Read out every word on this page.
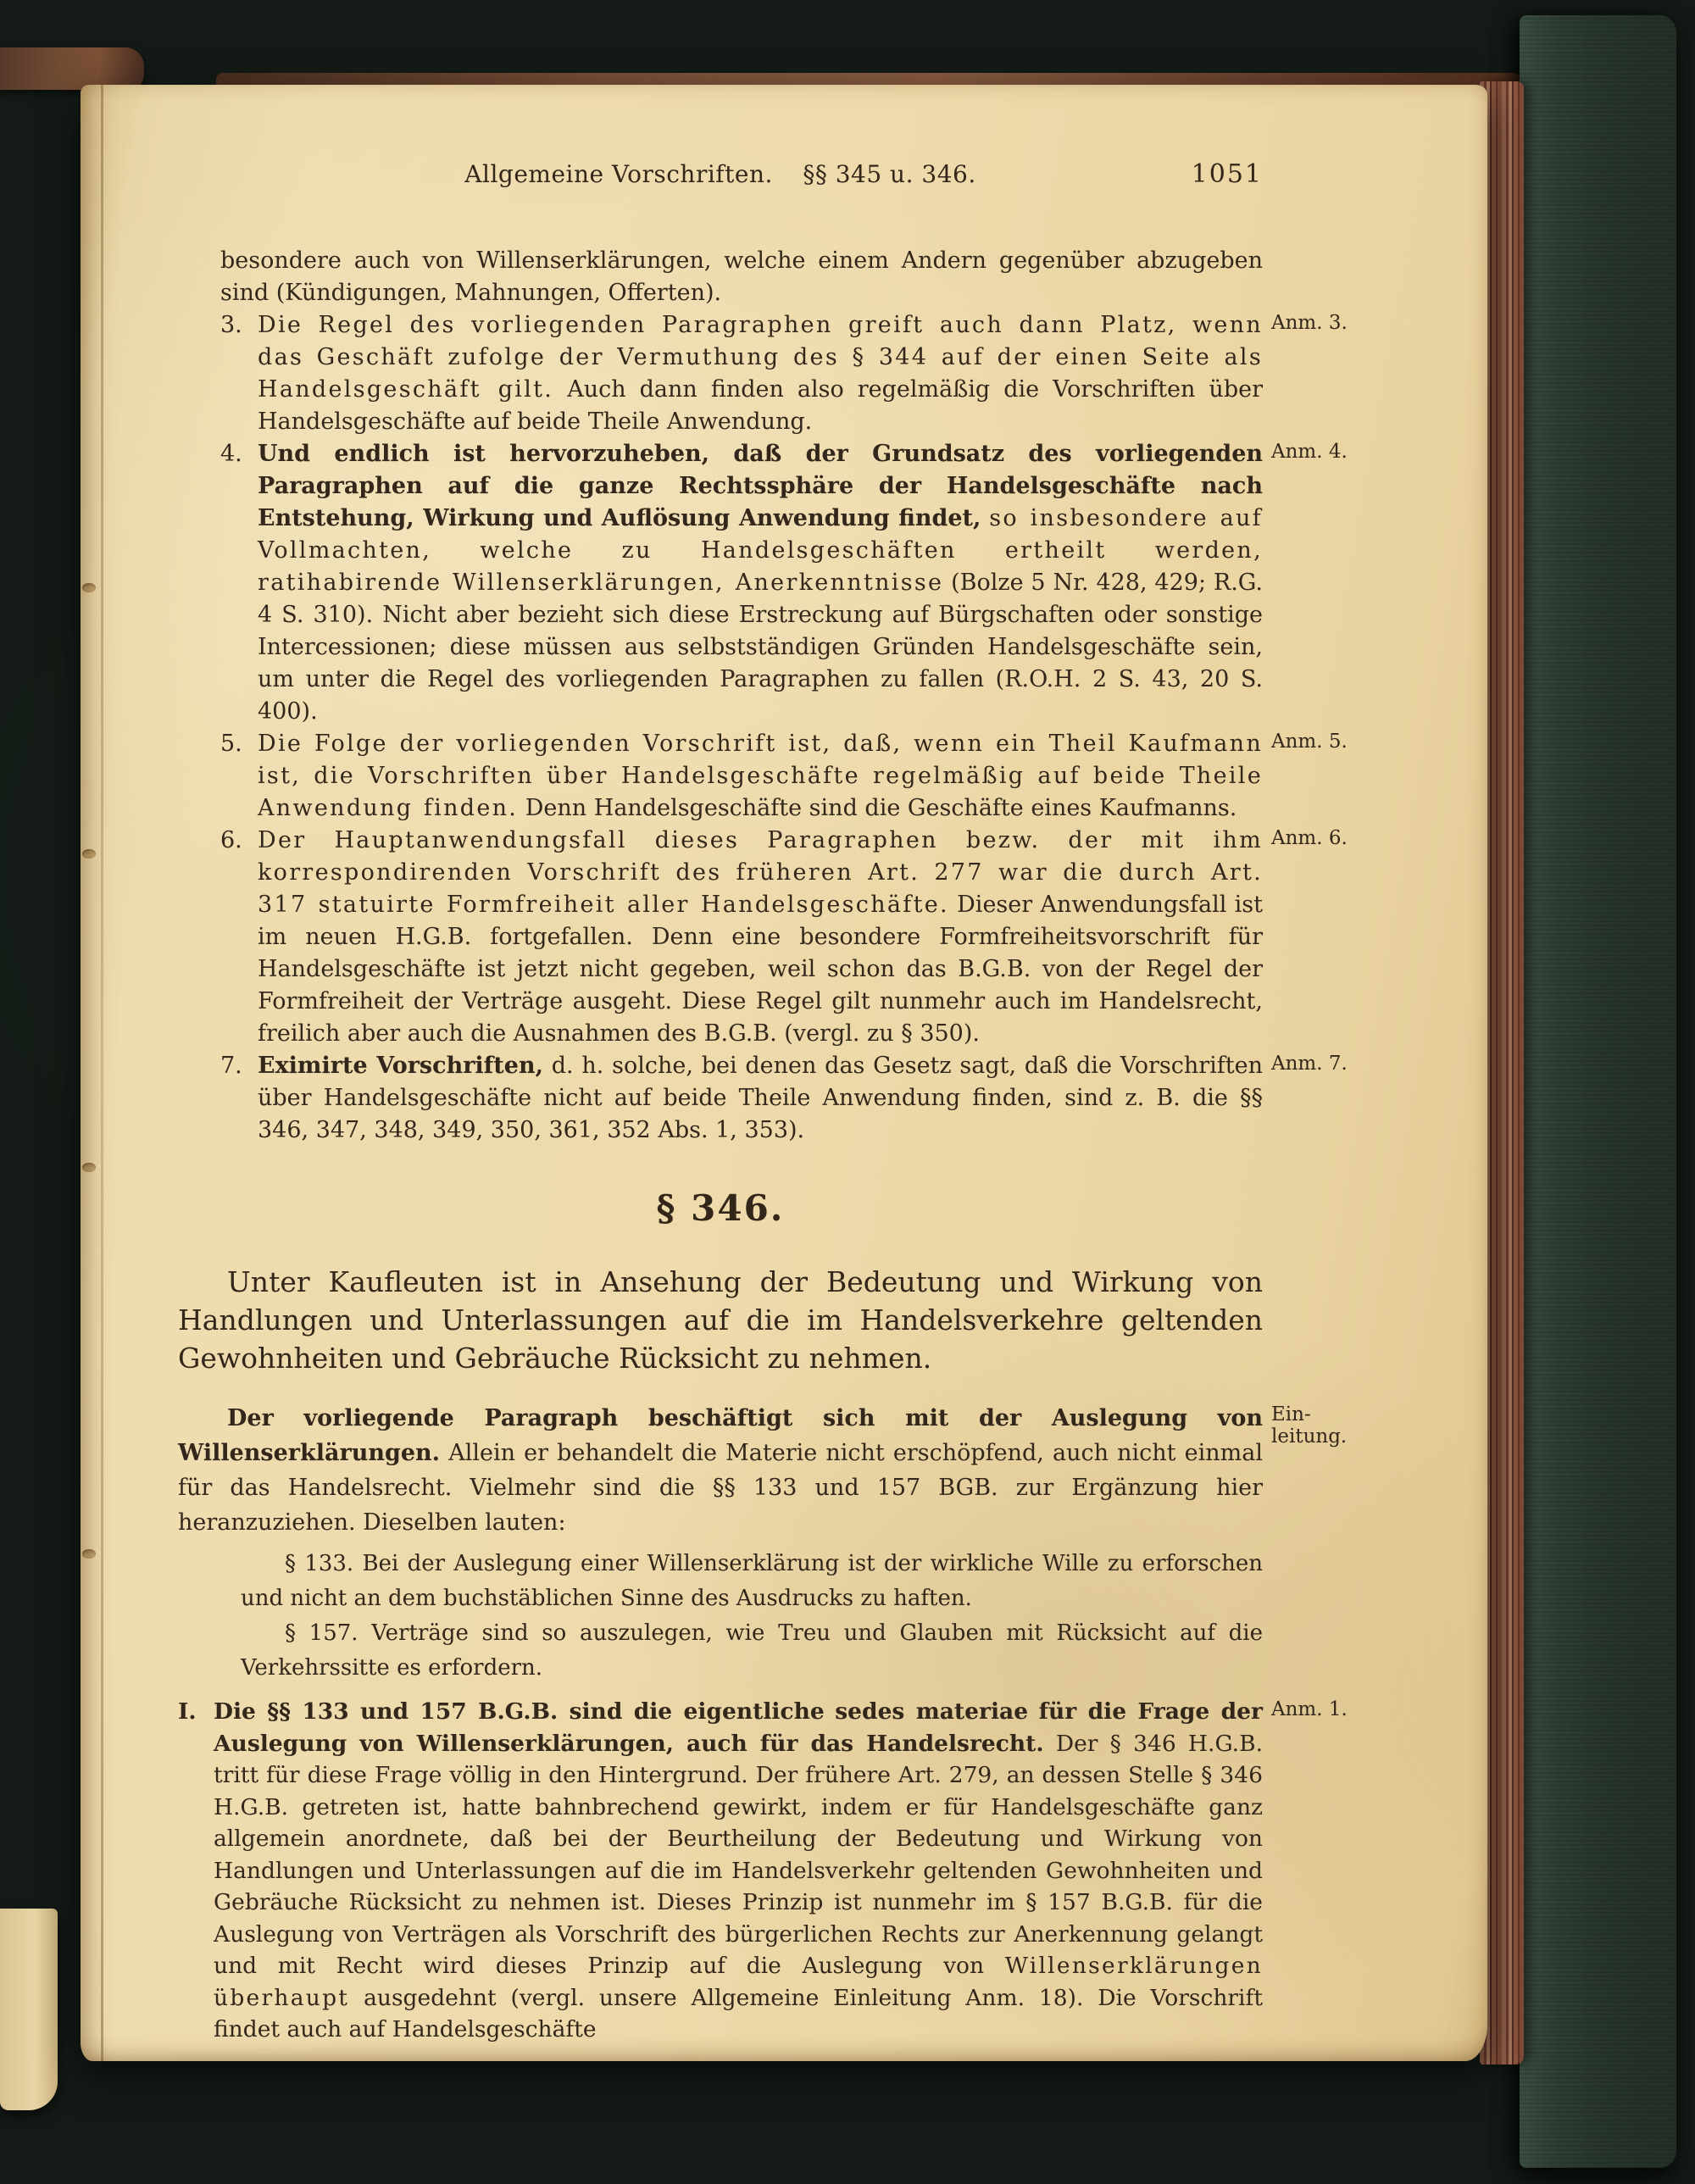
Allgemeine Vorschriften. §§ 345 u. 346.	1051

besondere auch von Willenserklärungen, welche einem Andern gegenüber abzugeben sind (Kündigungen, Mahnungen, Offerten).

3. Die Regel des vorliegenden Paragraphen greift auch dann Platz, wenn das Geschäft zufolge der Vermuthung des § 344 auf der einen Seite als Handelsgeschäft gilt. Auch dann finden also regelmäßig die Vorschriften über Handelsgeschäfte auf beide Theile Anwendung.
Anm. 3.

4. Und endlich ist hervorzuheben, daß der Grundsatz des vorliegenden Paragraphen auf die ganze Rechtssphäre der Handelsgeschäfte nach Entstehung, Wirkung und Auflösung Anwendung findet, so insbesondere auf Vollmachten, welche zu Handelsgeschäften ertheilt werden, ratihabirende Willenserklärungen, Anerkenntnisse (Bolze 5 Nr. 428, 429; R.G. 4 S. 310). Nicht aber bezieht sich diese Erstreckung auf Bürgschaften oder sonstige Intercessionen; diese müssen aus selbstständigen Gründen Handelsgeschäfte sein, um unter die Regel des vorliegenden Paragraphen zu fallen (R.O.H. 2 S. 43, 20 S. 400).
Anm. 4.

5. Die Folge der vorliegenden Vorschrift ist, daß, wenn ein Theil Kaufmann ist, die Vorschriften über Handelsgeschäfte regelmäßig auf beide Theile Anwendung finden. Denn Handelsgeschäfte sind die Geschäfte eines Kaufmanns.
Anm. 5.

6. Der Hauptanwendungsfall dieses Paragraphen bezw. der mit ihm korrespondirenden Vorschrift des früheren Art. 277 war die durch Art. 317 statuirte Formfreiheit aller Handelsgeschäfte. Dieser Anwendungsfall ist im neuen H.G.B. fortgefallen. Denn eine besondere Formfreiheitsvorschrift für Handelsgeschäfte ist jetzt nicht gegeben, weil schon das B.G.B. von der Regel der Formfreiheit der Verträge ausgeht. Diese Regel gilt nunmehr auch im Handelsrecht, freilich aber auch die Ausnahmen des B.G.B. (vergl. zu § 350).
Anm. 6.

7. Eximirte Vorschriften, d. h. solche, bei denen das Gesetz sagt, daß die Vorschriften über Handelsgeschäfte nicht auf beide Theile Anwendung finden, sind z. B. die §§ 346, 347, 348, 349, 350, 361, 352 Abs. 1, 353).
Anm. 7.

§ 346.

Unter Kaufleuten ist in Ansehung der Bedeutung und Wirkung von Handlungen und Unterlassungen auf die im Handelsverkehre geltenden Gewohnheiten und Gebräuche Rücksicht zu nehmen.

Der vorliegende Paragraph beschäftigt sich mit der Auslegung von Willenserklärungen. Allein er behandelt die Materie nicht erschöpfend, auch nicht einmal für das Handelsrecht. Vielmehr sind die §§ 133 und 157 BGB. zur Ergänzung hier heranzuziehen. Dieselben lauten:
Ein-
leitung.

§ 133. Bei der Auslegung einer Willenserklärung ist der wirkliche Wille zu erforschen und nicht an dem buchstäblichen Sinne des Ausdrucks zu haften.

§ 157. Verträge sind so auszulegen, wie Treu und Glauben mit Rücksicht auf die Verkehrssitte es erfordern.

I. Die §§ 133 und 157 B.G.B. sind die eigentliche sedes materiae für die Frage der Auslegung von Willenserklärungen, auch für das Handelsrecht. Der § 346 H.G.B. tritt für diese Frage völlig in den Hintergrund. Der frühere Art. 279, an dessen Stelle § 346 H.G.B. getreten ist, hatte bahnbrechend gewirkt, indem er für Handelsgeschäfte ganz allgemein anordnete, daß bei der Beurtheilung der Bedeutung und Wirkung von Handlungen und Unterlassungen auf die im Handelsverkehr geltenden Gewohnheiten und Gebräuche Rücksicht zu nehmen ist. Dieses Prinzip ist nunmehr im § 157 B.G.B. für die Auslegung von Verträgen als Vorschrift des bürgerlichen Rechts zur Anerkennung gelangt und mit Recht wird dieses Prinzip auf die Auslegung von Willenserklärungen überhaupt ausgedehnt (vergl. unsere Allgemeine Einleitung Anm. 18). Die Vorschrift findet auch auf Handelsgeschäfte
Anm. 1.
